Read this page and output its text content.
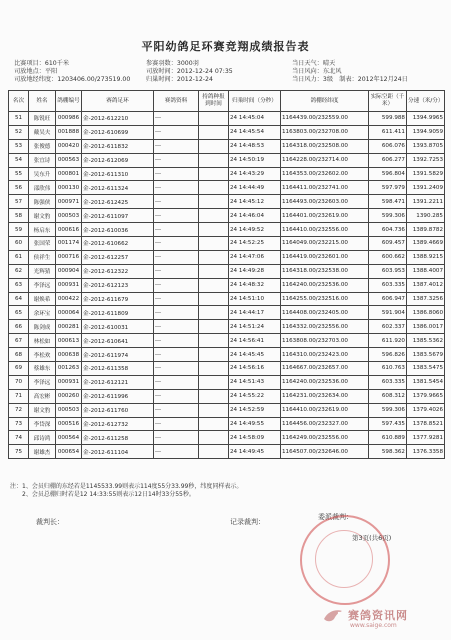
平阳幼鸽足环赛竞翔成绩报告表
比赛项目：610千米
司放地点：平阳
司放地经纬度：1203406.00/273519.00
参赛羽数：3000羽
司放时间：2012-12-24 07:35
归巢时间：2012-12-24
当日天气：晴天
当日风向：东北风
当日风力：3级　 制表：2012年12月24日
名次	姓名	鸽棚编号	赛鸽足环	赛鸽资料	持鸽种报到时间	归巢时间（分秒）	鸽棚经纬度	实际空距（千米）	分速（米/分）
51	陈锐旺	000986	金-2012-612210	---		24 14:45:04	1164439.00/232559.00	599.988	1394.9965
52	戴吴夫	001888	金-2012-610699	---		24 14:45:54	1163803.00/232708.00	611.411	1394.9059
53	张俊德	000420	金-2012-611832	---		24 14:48:53	1164318.00/232508.00	606.076	1393.8705
54	张宜诗	000563	金-2012-612069	---		24 14:50:19	1164228.00/232714.00	606.277	1392.7253
55	吴东升	000801	金-2012-611310	---		24 14:43:29	1164353.00/232602.00	596.804	1391.5829
56	邵欣伟	000130	金-2012-611324	---		24 14:44:49	1164411.00/232741.00	597.979	1391.2409
57	陈强侠	000971	金-2012-612425	---		24 14:45:12	1164493.00/232603.00	598.471	1391.2211
58	谢文豹	000503	金-2012-611097	---		24 14:46:04	1164401.00/232619.00	599.306	1390.285
59	杨启东	000616	金-2012-610036	---		24 14:49:52	1164410.00/232556.00	604.736	1389.8782
60	张国荣	001174	金-2012-610662	---		24 14:52:25	1164049.00/232215.00	609.457	1389.4669
61	侯祥生	000716	金-2012-612257	---		24 14:47:06	1164419.00/232601.00	600.662	1388.9215
62	光辉猜	000904	金-2012-612322	---		24 14:49:28	1164318.00/232538.00	603.953	1388.4007
63	李泽远	000931	金-2012-612123	---		24 14:48:32	1164240.00/232536.00	603.335	1387.4012
64	谢焕希	000422	金-2012-611679	---		24 14:51:10	1164255.00/232516.00	606.947	1387.3256
65	余环宝	000064	金-2012-611809	---		24 14:44:17	1164408.00/232405.00	591.904	1386.8060
66	陈剑成	000281	金-2012-610031	---		24 14:51:24	1164332.00/232556.00	602.337	1386.0017
67	林松如	000613	金-2012-610641	---		24 14:56:41	1163808.00/232703.00	611.920	1385.5362
68	李松欢	000638	金-2012-611974	---		24 14:45:45	1164310.00/232423.00	596.826	1383.5679
69	蔡雄东	001263	金-2012-611358	---		24 14:56:16	1164667.00/232657.00	610.763	1383.5475
70	李泽远	000931	金-2012-612121	---		24 14:51:43	1164240.00/232536.00	603.335	1381.5454
71	高宏彬	000260	金-2012-611996	---		24 14:55:22	1164231.00/232634.00	608.312	1379.9665
72	谢文豹	000503	金-2012-611760	---		24 14:52:59	1164410.00/232619.00	599.306	1379.4026
73	李岱深	000516	金-2012-612732	---		24 14:49:55	1164456.00/232327.00	597.435	1378.8521
74	邱诗鸿	000564	金-2012-611258	---		24 14:58:09	1164249.00/232556.00	610.889	1377.9281
75	谢雄杰	000654	金-2012-611104	---		24 14:49:45	1164507.00/232646.00	598.362	1376.3358
注：1、会员归棚的东经若是1145533.99则表示114度55分33.99秒，纬度同样表示。
　　2、会员总棚归时若是12 14:33:55则表示12日14时33分55秒。
裁判长：	记录裁判：
委派裁判：
第3页(共6页)
赛鸽资讯网
www.saige.com
